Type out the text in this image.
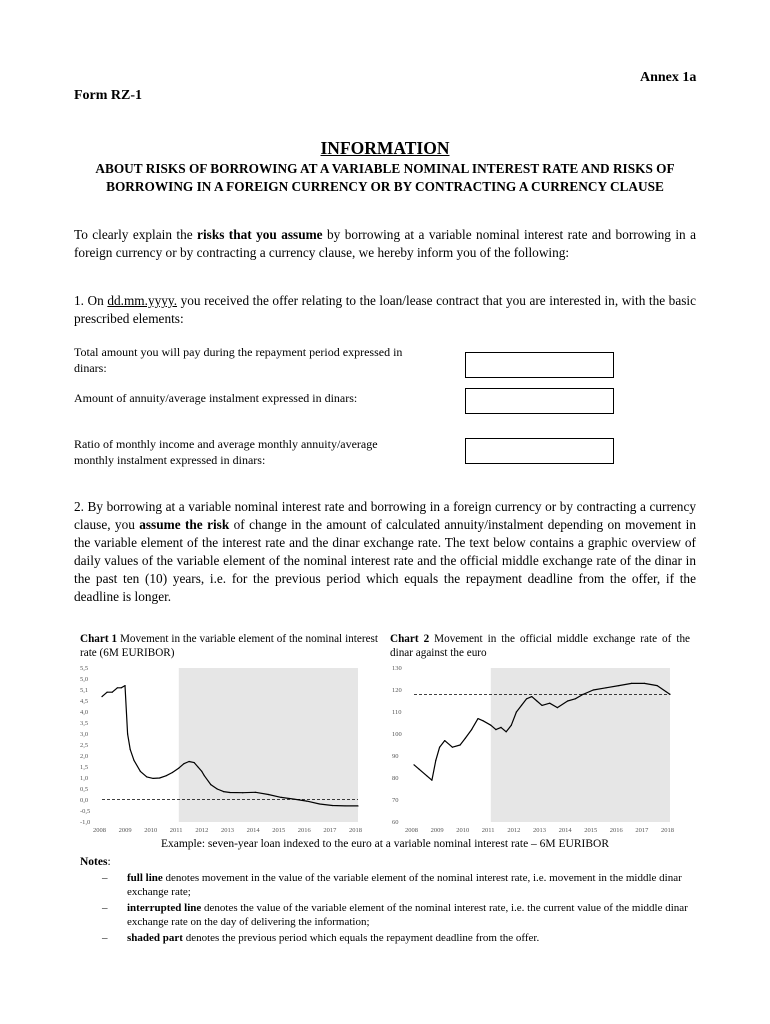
Annex 1a
Form RZ-1
INFORMATION
ABOUT RISKS OF BORROWING AT A VARIABLE NOMINAL INTEREST RATE AND RISKS OF BORROWING IN A FOREIGN CURRENCY OR BY CONTRACTING A CURRENCY CLAUSE
To clearly explain the risks that you assume by borrowing at a variable nominal interest rate and borrowing in a foreign currency or by contracting a currency clause, we hereby inform you of the following:
1. On dd.mm.yyyy. you received the offer relating to the loan/lease contract that you are interested in, with the basic prescribed elements:
Total amount you will pay during the repayment period expressed in dinars:
Amount of annuity/average instalment expressed in dinars:
Ratio of monthly income and average monthly annuity/average monthly instalment expressed in dinars:
2. By borrowing at a variable nominal interest rate and borrowing in a foreign currency or by contracting a currency clause, you assume the risk of change in the amount of calculated annuity/instalment depending on movement in the variable element of the interest rate and the dinar exchange rate. The text below contains a graphic overview of daily values of the variable element of the nominal interest rate and the official middle exchange rate of the dinar in the past ten (10) years, i.e. for the previous period which equals the repayment deadline from the offer, if the deadline is longer.
Chart 1 Movement in the variable element of the nominal interest rate (6M EURIBOR)
Chart 2 Movement in the official middle exchange rate of the dinar against the euro
5,5
5,0
5,1
4,5
4,0
3,5
3,0
2,5
2,0
1,5
1,0
0,5
0,0
-0,5
-1,0
2008 2009 2010 2011 2012 2013 2014 2015 2016 2017 2018
130
120
110
100
90
80
70
60
2008 2009 2010 2011 2012 2013 2014 2015 2016 2017 2018
Example: seven-year loan indexed to the euro at a variable nominal interest rate – 6M EURIBOR
Notes:
– full line denotes movement in the value of the variable element of the nominal interest rate, i.e. movement in the middle dinar exchange rate;
– interrupted line denotes the value of the variable element of the nominal interest rate, i.e. the current value of the middle dinar exchange rate on the day of delivering the information;
– shaded part denotes the previous period which equals the repayment deadline from the offer.
